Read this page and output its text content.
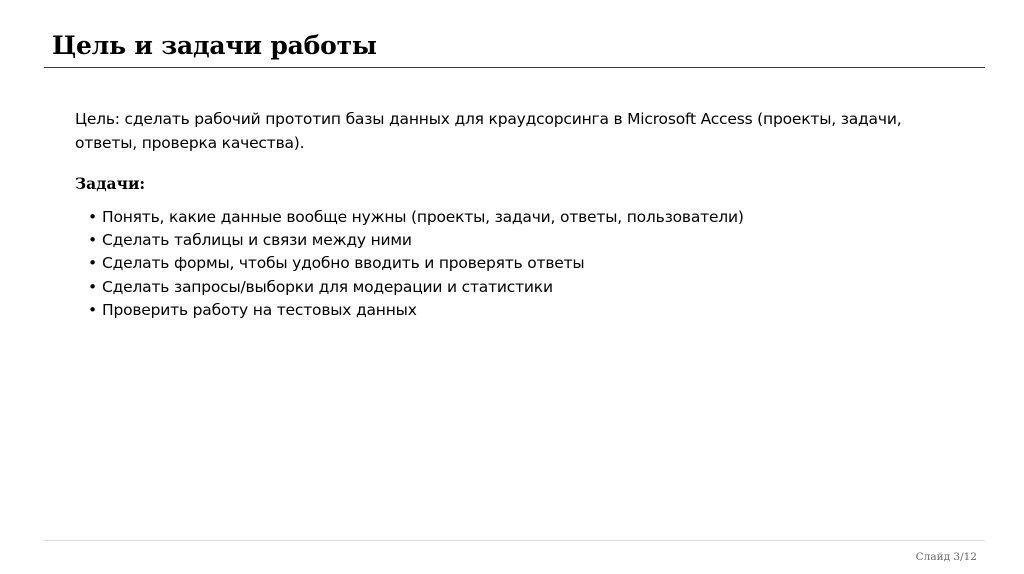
Цель и задачи работы

Цель: сделать рабочий прототип базы данных для краудсорсинга в Microsoft Access (проекты, задачи, ответы, проверка качества).

Задачи:

• Понять, какие данные вообще нужны (проекты, задачи, ответы, пользователи)
• Сделать таблицы и связи между ними
• Сделать формы, чтобы удобно вводить и проверять ответы
• Сделать запросы/выборки для модерации и статистики
• Проверить работу на тестовых данных

Слайд 3/12
